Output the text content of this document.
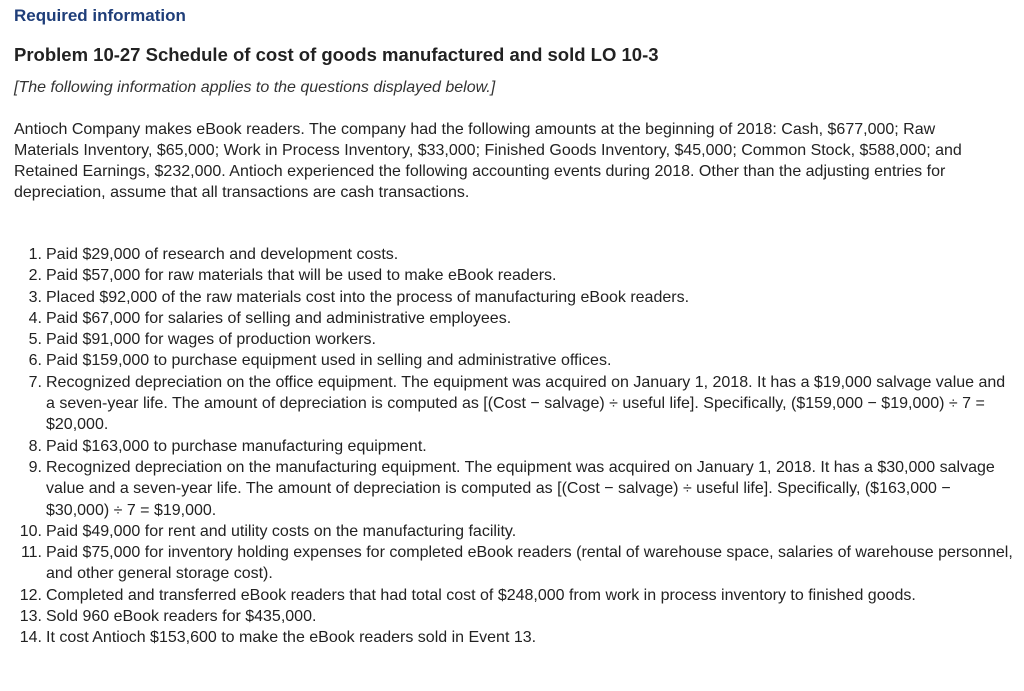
Required information
Problem 10-27 Schedule of cost of goods manufactured and sold LO 10-3
[The following information applies to the questions displayed below.]
Antioch Company makes eBook readers. The company had the following amounts at the beginning of 2018: Cash, $677,000; Raw Materials Inventory, $65,000; Work in Process Inventory, $33,000; Finished Goods Inventory, $45,000; Common Stock, $588,000; and Retained Earnings, $232,000. Antioch experienced the following accounting events during 2018. Other than the adjusting entries for depreciation, assume that all transactions are cash transactions.
1. Paid $29,000 of research and development costs.
2. Paid $57,000 for raw materials that will be used to make eBook readers.
3. Placed $92,000 of the raw materials cost into the process of manufacturing eBook readers.
4. Paid $67,000 for salaries of selling and administrative employees.
5. Paid $91,000 for wages of production workers.
6. Paid $159,000 to purchase equipment used in selling and administrative offices.
7. Recognized depreciation on the office equipment. The equipment was acquired on January 1, 2018. It has a $19,000 salvage value and a seven-year life. The amount of depreciation is computed as [(Cost − salvage) ÷ useful life]. Specifically, ($159,000 − $19,000) ÷ 7 = $20,000.
8. Paid $163,000 to purchase manufacturing equipment.
9. Recognized depreciation on the manufacturing equipment. The equipment was acquired on January 1, 2018. It has a $30,000 salvage value and a seven-year life. The amount of depreciation is computed as [(Cost − salvage) ÷ useful life]. Specifically, ($163,000 − $30,000) ÷ 7 = $19,000.
10. Paid $49,000 for rent and utility costs on the manufacturing facility.
11. Paid $75,000 for inventory holding expenses for completed eBook readers (rental of warehouse space, salaries of warehouse personnel, and other general storage cost).
12. Completed and transferred eBook readers that had total cost of $248,000 from work in process inventory to finished goods.
13. Sold 960 eBook readers for $435,000.
14. It cost Antioch $153,600 to make the eBook readers sold in Event 13.
